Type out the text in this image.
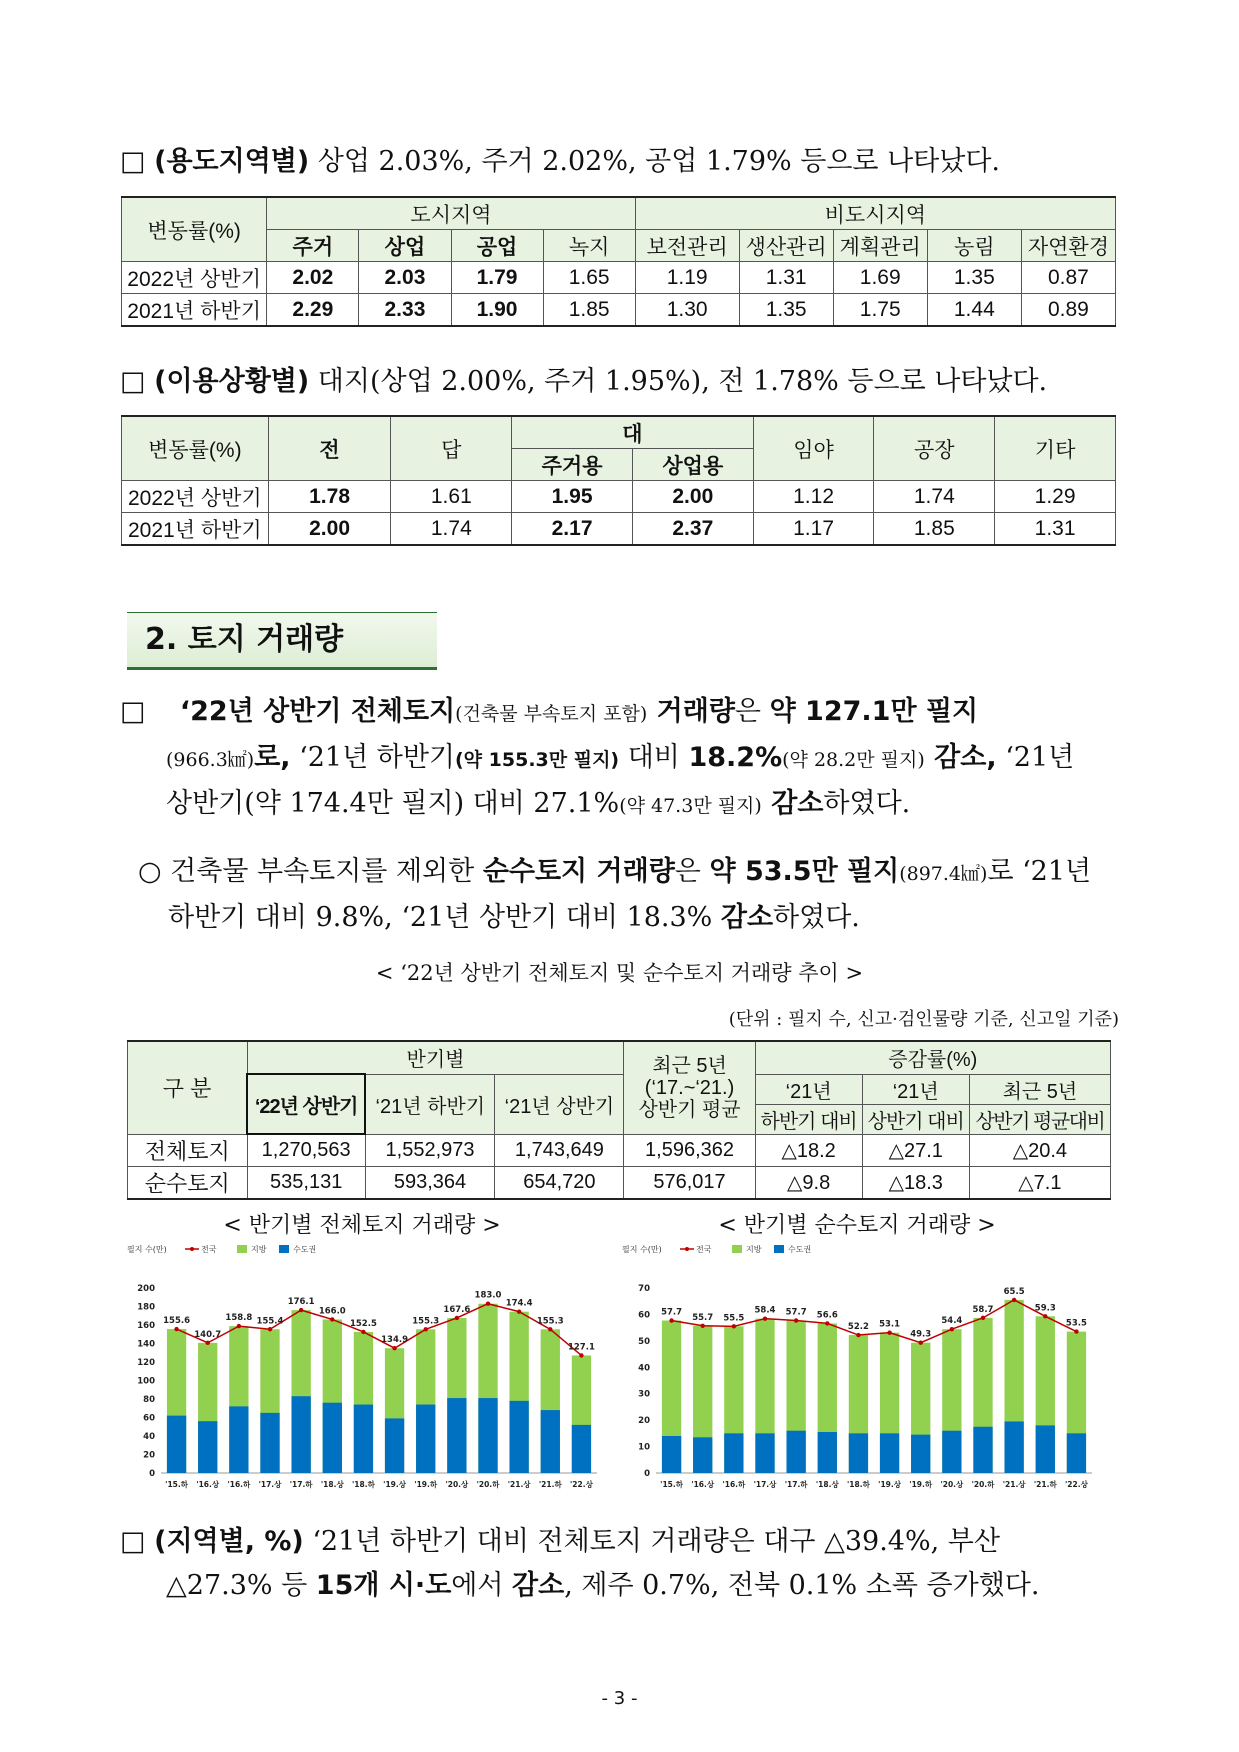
□ (용도지역별) 상업 2.03%, 주거 2.02%, 공업 1.79% 등으로 나타났다.
변동률(%)	도시지역				비도시지역				
	주거	상업	공업	녹지	보전관리	생산관리	계획관리	농림	자연환경
2022년 상반기	2.02	2.03	1.79	1.65	1.19	1.31	1.69	1.35	0.87
2021년 하반기	2.29	2.33	1.90	1.85	1.30	1.35	1.75	1.44	0.89
□ (이용상황별) 대지(상업 2.00%, 주거 1.95%), 전 1.78% 등으로 나타났다.
변동률(%)	전	답	대		임야	공장	기타
			주거용	상업용			
2022년 상반기	1.78	1.61	1.95	2.00	1.12	1.74	1.29
2021년 하반기	2.00	1.74	2.17	2.37	1.17	1.85	1.31
2. 토지 거래량
□ ‘22년 상반기 전체토지(건축물 부속토지 포함) 거래량은 약 127.1만 필지
(966.3㎢)로, ‘21년 하반기(약 155.3만 필지) 대비 18.2%(약 28.2만 필지) 감소, ‘21년
상반기(약 174.4만 필지) 대비 27.1%(약 47.3만 필지) 감소하였다.
○ 건축물 부속토지를 제외한 순수토지 거래량은 약 53.5만 필지(897.4㎢)로 ‘21년
하반기 대비 9.8%, ‘21년 상반기 대비 18.3% 감소하였다.
< ‘22년 상반기 전체토지 및 순수토지 거래량 추이 >
(단위 : 필지 수, 신고·검인물량 기준, 신고일 기준)
구 분	반기별			최근 5년
(‘17.~‘21.)
상반기 평균	증감률(%)		
	‘22년 상반기	‘21년 하반기	‘21년 상반기		‘21년	‘21년	최근 5년
					하반기 대비	상반기 대비	상반기 평균대비
전체토지	1,270,563	1,552,973	1,743,649	1,596,362	△18.2	△27.1	△20.4
순수토지	535,131	593,364	654,720	576,017	△9.8	△18.3	△7.1
< 반기별 전체토지 거래량 >	< 반기별 순수토지 거래량 >
필지 수(만)	전국	지방	수도권
0
20
40
60
80
100
120
140
160
180
200
'15.하 '16.상 '16.하 '17.상 '17.하 '18.상 '18.하 '19.상 '19.하 '20.상 '20.하 '21.상 '21.하 '22.상
155.6
140.7
158.8 155.4
176.1
166.0
152.5
134.9
155.3
167.6
183.0
174.4
155.3
127.1
필지 수(만)	전국	지방	수도권
0
10
20
30
40
50
60
70
'15.하 '16.상 '16.하 '17.상 '17.하 '18.상 '18.하 '19.상 '19.하 '20.상 '20.하 '21.상 '21.하 '22.상
57.7
55.7 55.5
58.4 57.7 56.6
52.2 53.1
49.3
54.4
58.7
65.5
59.3
53.5
□ (지역별, %) ‘21년 하반기 대비 전체토지 거래량은 대구 △39.4%, 부산
△27.3% 등 15개 시·도에서 감소, 제주 0.7%, 전북 0.1% 소폭 증가했다.
- 3 -
